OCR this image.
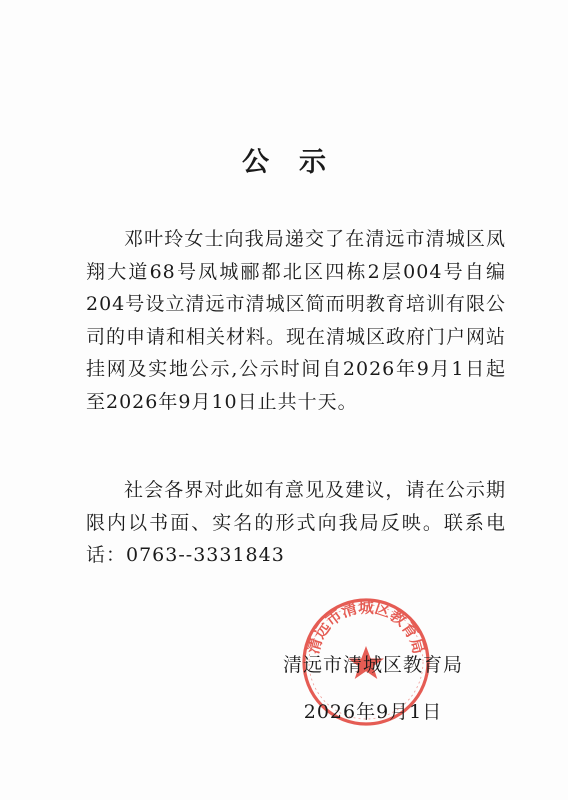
公示

邓叶玲女士向我局递交了在清远市清城区凤翔大道68号凤城郦都北区四栋2层004号自编204号设立清远市清城区简而明教育培训有限公司的申请和相关材料。现在清城区政府门户网站挂网及实地公示,公示时间自2026年9月1日起至2026年9月10日止共十天。

社会各界对此如有意见及建议，请在公示期限内以书面、实名的形式向我局反映。联系电话：0763--3331843

清远市清城区教育局
清远市清城区教育局
2026年9月1日
